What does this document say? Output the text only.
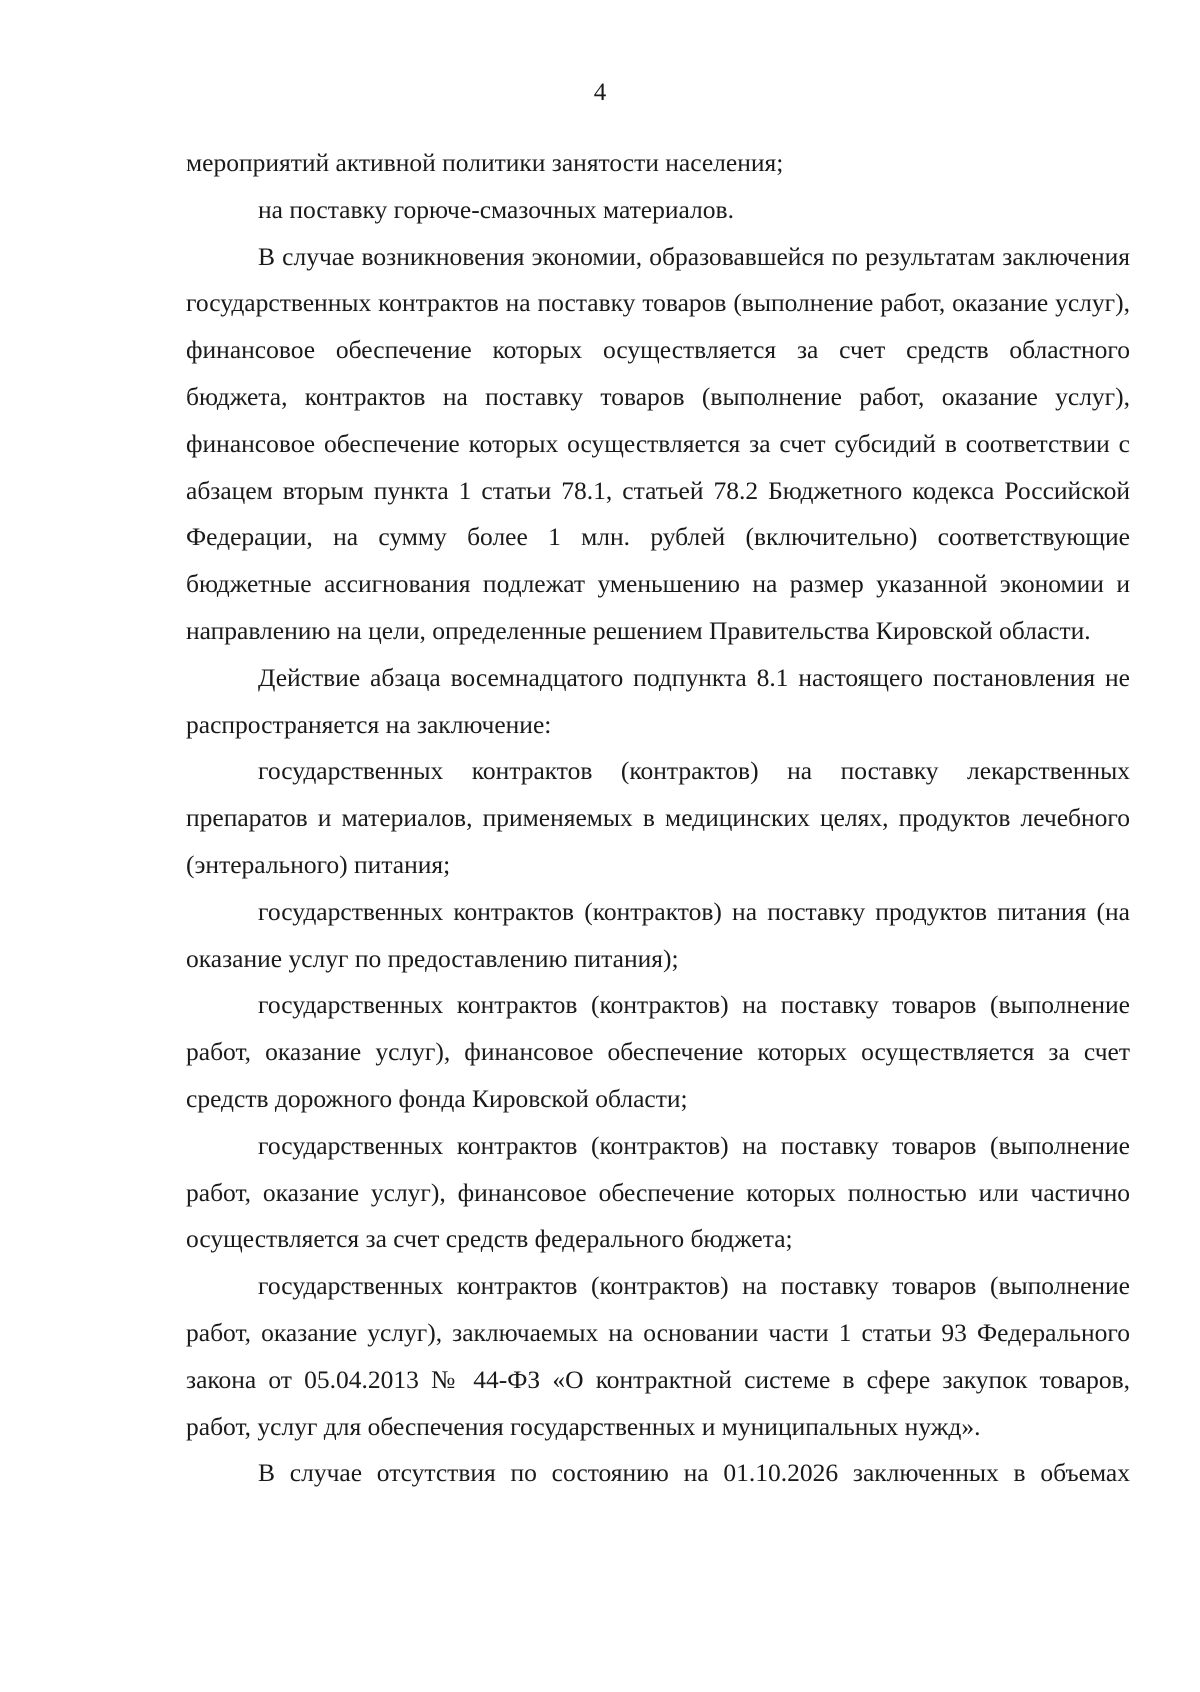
4

мероприятий активной политики занятости населения;

на поставку горюче-смазочных материалов.

В случае возникновения экономии, образовавшейся по результатам заключения государственных контрактов на поставку товаров (выполнение работ, оказание услуг), финансовое обеспечение которых осуществляется за счет средств областного бюджета, контрактов на поставку товаров (выполнение работ, оказание услуг), финансовое обеспечение которых осуществляется за счет субсидий в соответствии с абзацем вторым пункта 1 статьи 78.1, статьей 78.2 Бюджетного кодекса Российской Федерации, на сумму более 1 млн. рублей (включительно) соответствующие бюджетные ассигнования подлежат уменьшению на размер указанной экономии и направлению на цели, определенные решением Правительства Кировской области.

Действие абзаца восемнадцатого подпункта 8.1 настоящего постановления не распространяется на заключение:

государственных контрактов (контрактов) на поставку лекарственных препаратов и материалов, применяемых в медицинских целях, продуктов лечебного (энтерального) питания;

государственных контрактов (контрактов) на поставку продуктов питания (на оказание услуг по предоставлению питания);

государственных контрактов (контрактов) на поставку товаров (выполнение работ, оказание услуг), финансовое обеспечение которых осуществляется за счет средств дорожного фонда Кировской области;

государственных контрактов (контрактов) на поставку товаров (выполнение работ, оказание услуг), финансовое обеспечение которых полностью или частично осуществляется за счет средств федерального бюджета;

государственных контрактов (контрактов) на поставку товаров (выполнение работ, оказание услуг), заключаемых на основании части 1 статьи 93 Федерального закона от 05.04.2013 № 44-ФЗ «О контрактной системе в сфере закупок товаров, работ, услуг для обеспечения государственных и муниципальных нужд».

В случае отсутствия по состоянию на 01.10.2026 заключенных в объемах
